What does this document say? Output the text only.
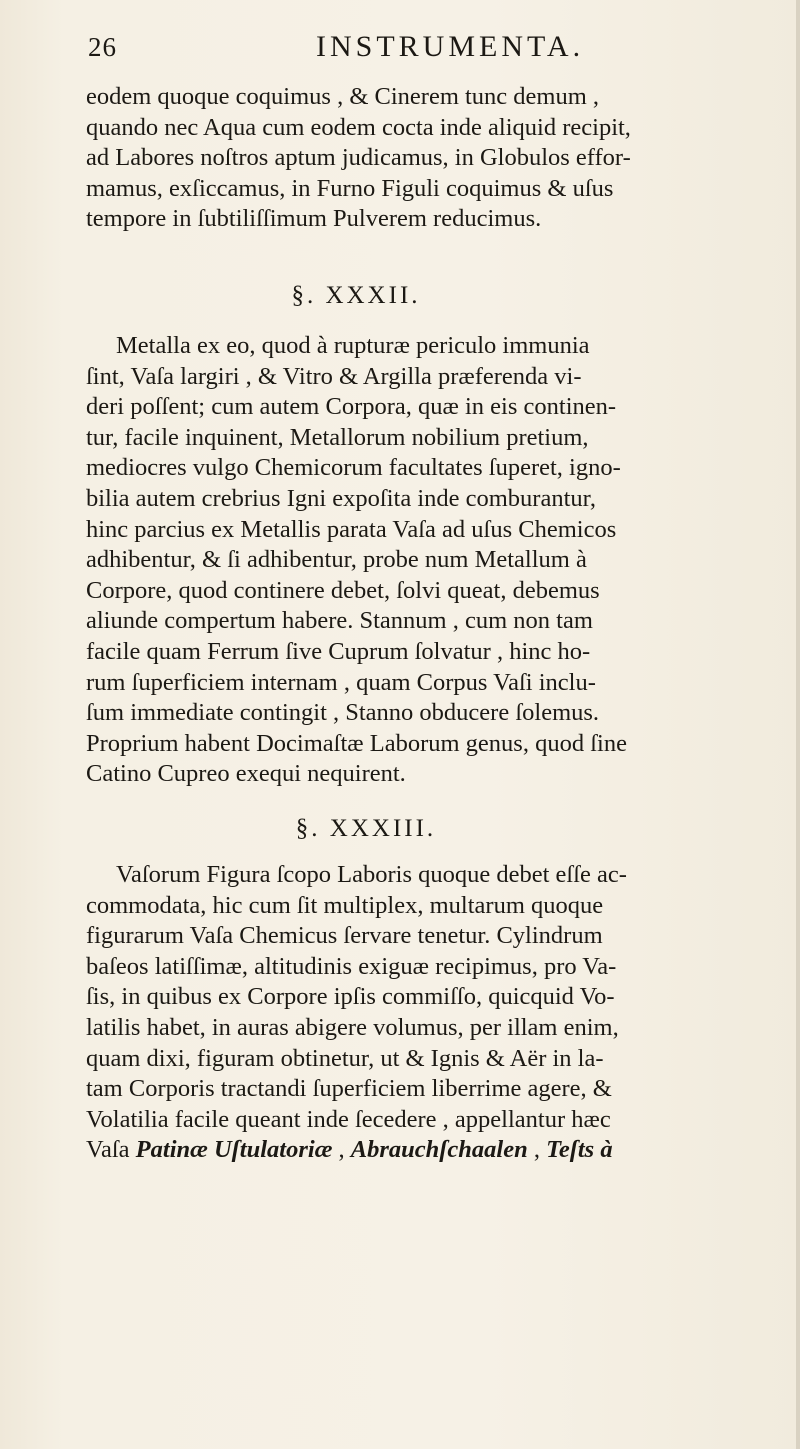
26	INSTRUMENTA.
eodem quoque coquimus , & Cinerem tunc demum ,
quando nec Aqua cum eodem cocta inde aliquid recipit,
ad Labores noſtros aptum judicamus, in Globulos effor-
mamus, exſiccamus, in Furno Figuli coquimus & uſus
tempore in ſubtiliſſimum Pulverem reducimus.
§. XXXII.
Metalla ex eo, quod à rupturæ periculo immunia
ſint, Vaſa largiri , & Vitro & Argilla præferenda vi-
deri poſſent; cum autem Corpora, quæ in eis continen-
tur, facile inquinent, Metallorum nobilium pretium,
mediocres vulgo Chemicorum facultates ſuperet, igno-
bilia autem crebrius Igni expoſita inde comburantur,
hinc parcius ex Metallis parata Vaſa ad uſus Chemicos
adhibentur, & ſi adhibentur, probe num Metallum à
Corpore, quod continere debet, ſolvi queat, debemus
aliunde compertum habere. Stannum , cum non tam
facile quam Ferrum ſive Cuprum ſolvatur , hinc ho-
rum ſuperficiem internam , quam Corpus Vaſi inclu-
ſum immediate contingit , Stanno obducere ſolemus.
Proprium habent Docimaſtæ Laborum genus, quod ſine
Catino Cupreo exequi nequirent.
§. XXXIII.
Vaſorum Figura ſcopo Laboris quoque debet eſſe ac-
commodata, hic cum ſit multiplex, multarum quoque
figurarum Vaſa Chemicus ſervare tenetur. Cylindrum
baſeos latiſſimæ, altitudinis exiguæ recipimus, pro Va-
ſis, in quibus ex Corpore ipſis commiſſo, quicquid Vo-
latilis habet, in auras abigere volumus, per illam enim,
quam dixi, figuram obtinetur, ut & Ignis & Aër in la-
tam Corporis tractandi ſuperficiem liberrime agere, &
Volatilia facile queant inde ſecedere , appellantur hæc
Vaſa Patinæ Uſtulatoriæ , Abrauchſchaalen , Teſts à
